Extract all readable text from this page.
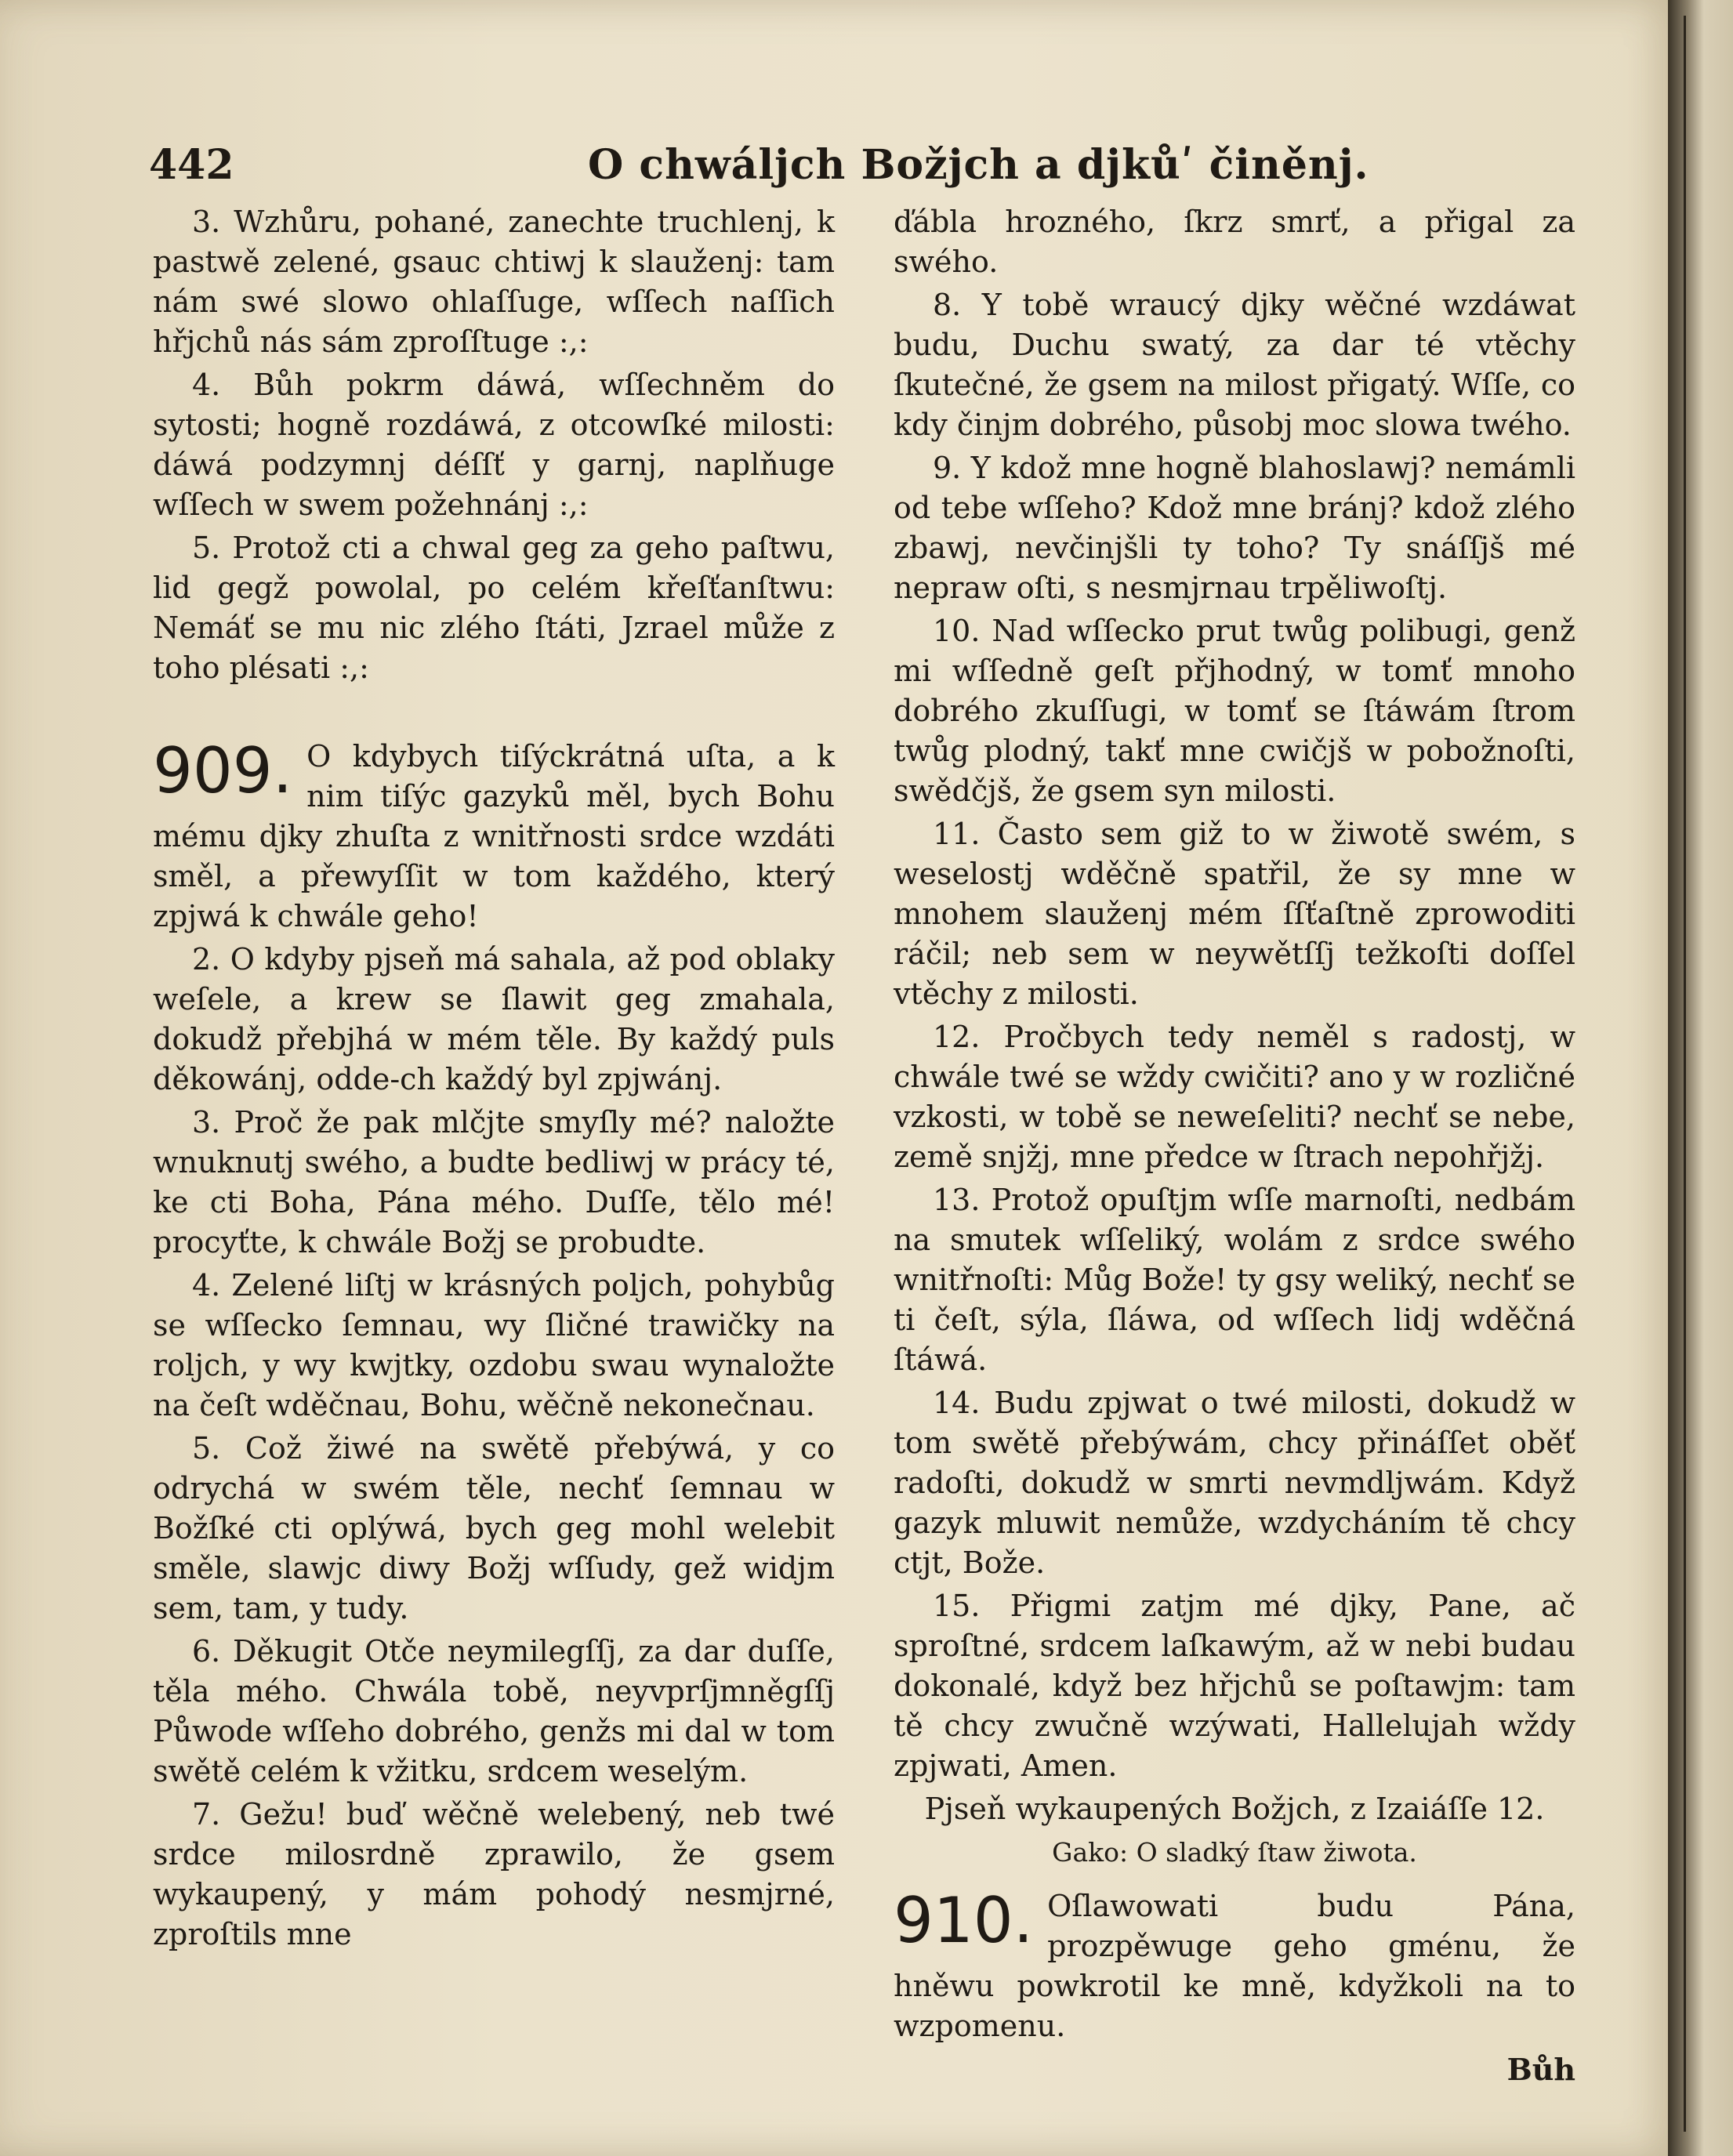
442	O chwáljch Božjch a djkůʹ činěnj.

3. Wzhůru, pohané, zanechte truchlenj, k pastwě zelené, gsauc chtiwj k slauženj: tam nám swé slowo ohlaſſuge, wſſech naſſich hřjchů nás sám zproſſtuge :,:

4. Bůh pokrm dáwá, wſſechněm do sytosti; hogně rozdáwá, z otcowſké milosti: dáwá podzymnj déſſť y garnj, naplňuge wſſech w swem požehnánj :,:

5. Protož cti a chwal geg za geho paſtwu, lid gegž powolal, po celém křeſťanſtwu: Nemáť se mu nic zlého ſtáti, Jzrael může z toho plésati :,:

909. O kdybych tiſýckrátná uſta, a k nim tiſýc gazyků měl, bych Bohu mému djky zhuſta z wnitřnosti srdce wzdáti směl, a přewyſſit w tom každého, který zpjwá k chwále geho!

2. O kdyby pjseň má sahala, až pod oblaky weſele, a krew se ſlawit geg zmahala, dokudž přebjhá w mém těle. By každý puls děkowánj, odde-ch každý byl zpjwánj.

3. Proč že pak mlčjte smyſly mé? naložte wnuknutj swého, a budte bedliwj w prácy té, ke cti Boha, Pána mého. Duſſe, tělo mé! procyťte, k chwále Božj se probudte.

4. Zelené liſtj w krásných poljch, pohybůg se wſſecko ſemnau, wy ſličné trawičky na roljch, y wy kwjtky, ozdobu swau wynaložte na čeſt wděčnau, Bohu, wěčně nekonečnau.

5. Což žiwé na swětě přebýwá, y co odrychá w swém těle, nechť ſemnau w Božſké cti oplýwá, bych geg mohl welebit směle, slawjc diwy Božj wſſudy, gež widjm sem, tam, y tudy.

6. Děkugit Otče neymilegſſj, za dar duſſe, těla mého. Chwála tobě, neyvprſjmněgſſj Půwode wſſeho dobrého, genžs mi dal w tom swětě celém k vžitku, srdcem weselým.

7. Gežu! buď wěčně welebený, neb twé srdce milosrdně zprawilo, že gsem wykaupený, y mám pohodý nesmjrné, zproſtils mne

ďábla hrozného, ſkrz smrť, a přigal za swého.

8. Y tobě wraucý djky wěčné wzdáwat budu, Duchu swatý, za dar té vtěchy ſkutečné, že gsem na milost přigatý. Wſſe, co kdy činjm dobrého, působj moc slowa twého.

9. Y kdož mne hogně blahoslawj? nemámli od tebe wſſeho? Kdož mne bránj? kdož zlého zbawj, nevčinjšli ty toho? Ty snáſſjš mé nepraw oſti, s nesmjrnau trpěliwoſtj.

10. Nad wſſecko prut twůg polibugi, genž mi wſſedně geſt přjhodný, w tomť mnoho dobrého zkuſſugi, w tomť se ſtáwám ſtrom twůg plodný, takť mne cwičjš w pobožnoſti, swědčjš, že gsem syn milosti.

11. Často sem giž to w žiwotě swém, s weselostj wděčně spatřil, že sy mne w mnohem slauženj mém ſſťaſtně zprowoditi ráčil; neb sem w neywětſſj težkoſti doſſel vtěchy z milosti.

12. Pročbych tedy neměl s radostj, w chwále twé se wždy cwičiti? ano y w rozličné vzkosti, w tobě se neweſeliti? nechť se nebe, země snjžj, mne předce w ſtrach nepohřjžj.

13. Protož opuſtjm wſſe marnoſti, nedbám na smutek wſſeliký, wolám z srdce swého wnitřnoſti: Můg Bože! ty gsy weliký, nechť se ti čeſt, sýla, ſláwa, od wſſech lidj wděčná ſtáwá.

14. Budu zpjwat o twé milosti, dokudž w tom swětě přebýwám, chcy přináſſet oběť radoſti, dokudž w smrti nevmdljwám. Když gazyk mluwit nemůže, wzdycháním tě chcy ctjt, Bože.

15. Přigmi zatjm mé djky, Pane, ač sproſtné, srdcem laſkawým, až w nebi budau dokonalé, když bez hřjchů se poſtawjm: tam tě chcy zwučně wzýwati, Hallelujah wždy zpjwati, Amen.

Pjseň wykaupených Božjch, z Izaiáſſe 12.

Gako: O sladký ſtaw žiwota.

910. Oſlawowati budu Pána, prozpěwuge geho gménu, že hněwu powkrotil ke mně, kdyžkoli na to wzpomenu.

Bůh
